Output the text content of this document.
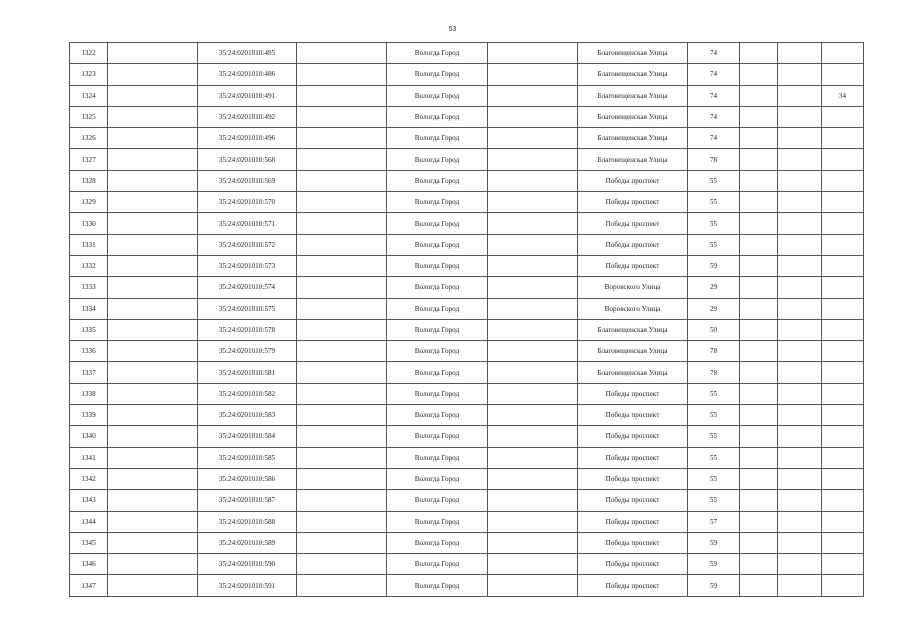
53
1322		35:24:0201010:485		Вологда Город		Благовещенская Улица	74			
1323		35:24:0201010:486		Вологда Город		Благовещенская Улица	74			
1324		35:24:0201010:491		Вологда Город		Благовещенская Улица	74			34
1325		35:24:0201010:492		Вологда Город		Благовещенская Улица	74			
1326		35:24:0201010:496		Вологда Город		Благовещенская Улица	74			
1327		35:24:0201010:568		Вологда Город		Благовещенская Улица	78			
1328		35:24:0201010:569		Вологда Город		Победы проспект	55			
1329		35:24:0201010:570		Вологда Город		Победы проспект	55			
1330		35:24:0201010:571		Вологда Город		Победы проспект	55			
1331		35:24:0201010:572		Вологда Город		Победы проспект	55			
1332		35:24:0201010:573		Вологда Город		Победы проспект	59			
1333		35:24:0201010:574		Вологда Город		Воровского Улица	29			
1334		35:24:0201010:575		Вологда Город		Воровского Улица	29			
1335		35:24:0201010:578		Вологда Город		Благовещенская Улица	50			
1336		35:24:0201010:579		Вологда Город		Благовещенская Улица	78			
1337		35:24:0201010:581		Вологда Город		Благовещенская Улица	78			
1338		35:24:0201010:582		Вологда Город		Победы проспект	55			
1339		35:24:0201010:583		Вологда Город		Победы проспект	55			
1340		35:24:0201010:584		Вологда Город		Победы проспект	55			
1341		35:24:0201010:585		Вологда Город		Победы проспект	55			
1342		35:24:0201010:586		Вологда Город		Победы проспект	55			
1343		35:24:0201010:587		Вологда Город		Победы проспект	55			
1344		35:24:0201010:588		Вологда Город		Победы проспект	57			
1345		35:24:0201010:589		Вологда Город		Победы проспект	59			
1346		35:24:0201010:590		Вологда Город		Победы проспект	59			
1347		35:24:0201010:591		Вологда Город		Победы проспект	59			
